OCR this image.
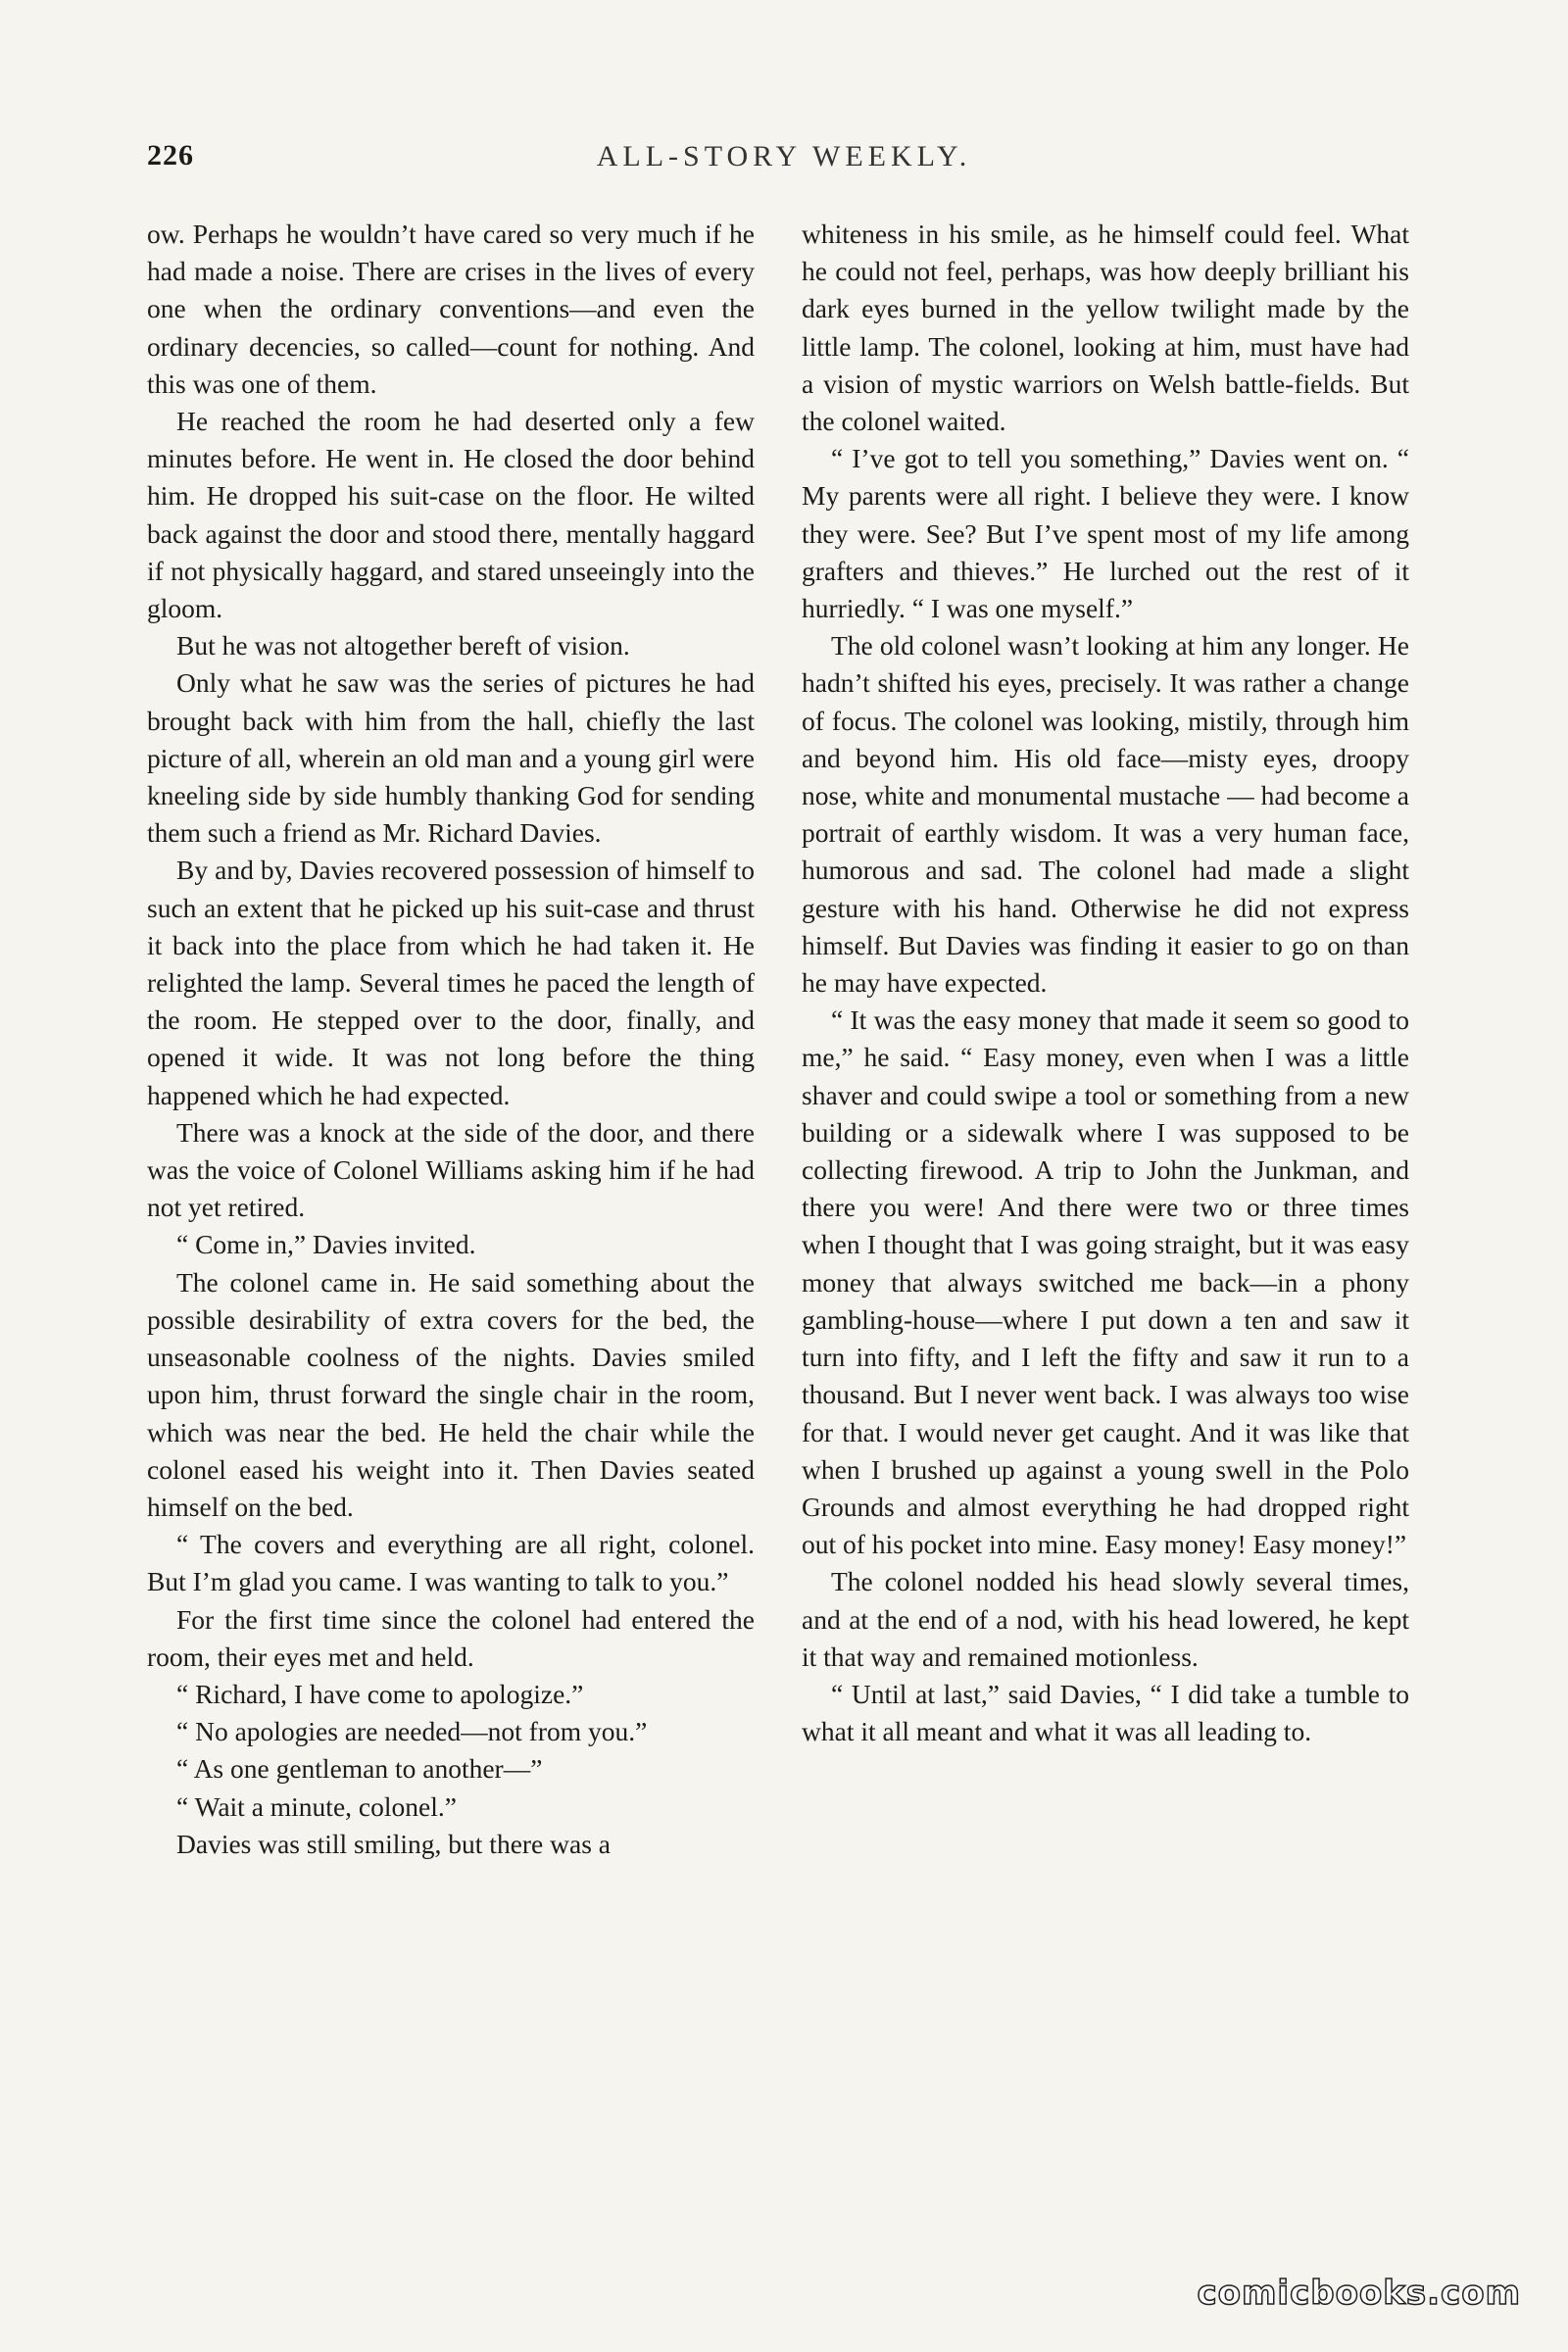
226	ALL-STORY WEEKLY.

ow. Perhaps he wouldn’t have cared so very much if he had made a noise. There are crises in the lives of every one when the ordinary conventions—and even the ordinary decencies, so called—count for nothing. And this was one of them.

He reached the room he had deserted only a few minutes before. He went in. He closed the door behind him. He dropped his suit-case on the floor. He wilted back against the door and stood there, mentally haggard if not physically haggard, and stared unseeingly into the gloom.

But he was not altogether bereft of vision.

Only what he saw was the series of pictures he had brought back with him from the hall, chiefly the last picture of all, wherein an old man and a young girl were kneeling side by side humbly thanking God for sending them such a friend as Mr. Richard Davies.

By and by, Davies recovered possession of himself to such an extent that he picked up his suit-case and thrust it back into the place from which he had taken it. He relighted the lamp. Several times he paced the length of the room. He stepped over to the door, finally, and opened it wide. It was not long before the thing happened which he had expected.

There was a knock at the side of the door, and there was the voice of Colonel Williams asking him if he had not yet retired.

“ Come in,” Davies invited.

The colonel came in. He said something about the possible desirability of extra covers for the bed, the unseasonable coolness of the nights. Davies smiled upon him, thrust forward the single chair in the room, which was near the bed. He held the chair while the colonel eased his weight into it. Then Davies seated himself on the bed.

“ The covers and everything are all right, colonel. But I’m glad you came. I was wanting to talk to you.”

For the first time since the colonel had entered the room, their eyes met and held.

“ Richard, I have come to apologize.”

“ No apologies are needed—not from you.”

“ As one gentleman to another—”

“ Wait a minute, colonel.”

Davies was still smiling, but there was a

whiteness in his smile, as he himself could feel. What he could not feel, perhaps, was how deeply brilliant his dark eyes burned in the yellow twilight made by the little lamp. The colonel, looking at him, must have had a vision of mystic warriors on Welsh battle-fields. But the colonel waited.

“ I’ve got to tell you something,” Davies went on. “ My parents were all right. I believe they were. I know they were. See? But I’ve spent most of my life among grafters and thieves.” He lurched out the rest of it hurriedly. “ I was one myself.”

The old colonel wasn’t looking at him any longer. He hadn’t shifted his eyes, precisely. It was rather a change of focus. The colonel was looking, mistily, through him and beyond him. His old face—misty eyes, droopy nose, white and monumental mustache — had become a portrait of earthly wisdom. It was a very human face, humorous and sad. The colonel had made a slight gesture with his hand. Otherwise he did not express himself. But Davies was finding it easier to go on than he may have expected.

“ It was the easy money that made it seem so good to me,” he said. “ Easy money, even when I was a little shaver and could swipe a tool or something from a new building or a sidewalk where I was supposed to be collecting firewood. A trip to John the Junkman, and there you were! And there were two or three times when I thought that I was going straight, but it was easy money that always switched me back—in a phony gambling-house—where I put down a ten and saw it turn into fifty, and I left the fifty and saw it run to a thousand. But I never went back. I was always too wise for that. I would never get caught. And it was like that when I brushed up against a young swell in the Polo Grounds and almost everything he had dropped right out of his pocket into mine. Easy money! Easy money!”

The colonel nodded his head slowly several times, and at the end of a nod, with his head lowered, he kept it that way and remained motionless.

“ Until at last,” said Davies, “ I did take a tumble to what it all meant and what it was all leading to.

comicbooks.com
